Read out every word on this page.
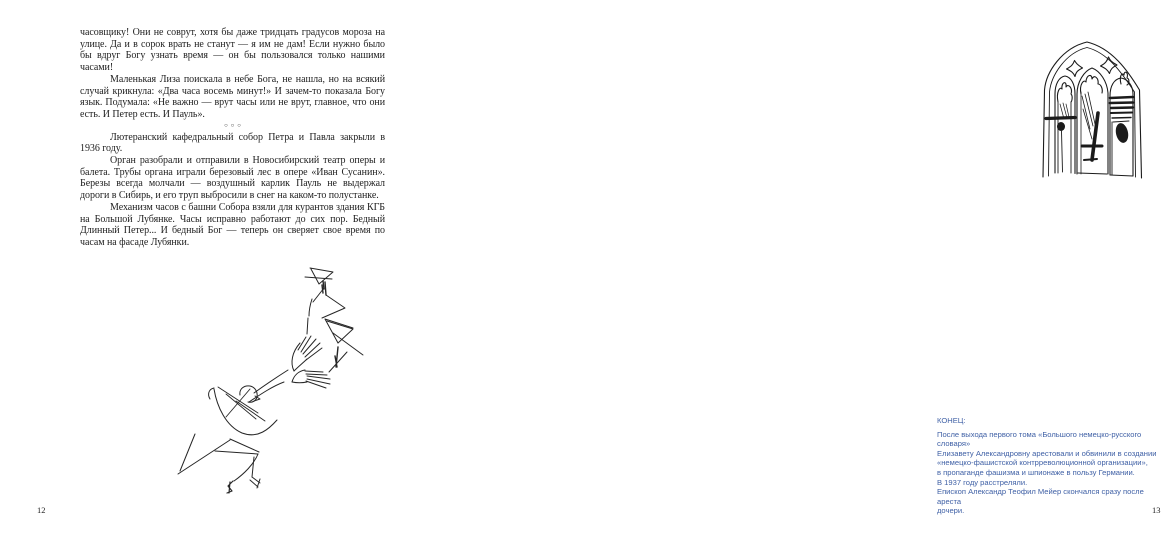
часовщику! Они не соврут, хотя бы даже тридцать градусов мороза на улице. Да и в сорок врать не станут — я им не дам! Если нужно было бы вдруг Богу узнать время — он бы пользовался только нашими часами!

Маленькая Лиза поискала в небе Бога, не нашла, но на всякий случай крикнула: «Два часа восемь минут!» И зачем-то показала Богу язык. Подумала: «Не важно — врут часы или не врут, главное, что они есть. И Петер есть. И Пауль».

○○○

Лютеранский кафедральный собор Петра и Павла закрыли в 1936 году.

Орган разобрали и отправили в Новосибирский театр оперы и балета. Трубы органа играли березовый лес в опере «Иван Сусанин». Березы всегда молчали — воздушный карлик Пауль не выдержал дороги в Сибирь, и его труп выбросили в снег на каком-то полустанке.

Механизм часов с башни Собора взяли для курантов здания КГБ на Большой Лубянке. Часы исправно работают до сих пор. Бедный Длинный Петер... И бедный Бог — теперь он сверяет свое время по часам на фасаде Лубянки.

12
КОНЕЦ:
После выхода первого тома «Большого немецко-русского словаря»
Елизавету Александровну арестовали и обвинили в создании
«немецко-фашистской контрреволюционной организации»,
в пропаганде фашизма и шпионаже в пользу Германии.
В 1937 году расстреляли.
Епископ Александр Теофил Мейер скончался сразу после ареста
дочери.	13
